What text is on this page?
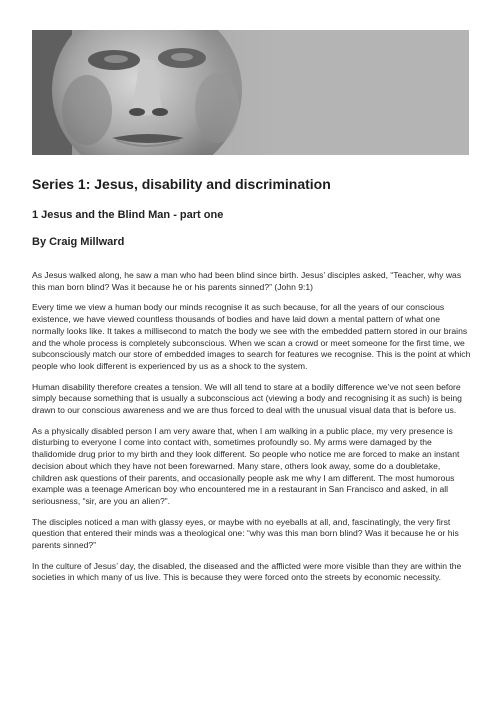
Series 1: Jesus, disability and discrimination
1 Jesus and the Blind Man - part one
By Craig Millward

As Jesus walked along, he saw a man who had been blind since birth. Jesus’ disciples asked, “Teacher, why was this man born blind? Was it because he or his parents sinned?” (John 9:1)

Every time we view a human body our minds recognise it as such because, for all the years of our conscious existence, we have viewed countless thousands of bodies and have laid down a mental pattern of what one normally looks like. It takes a millisecond to match the body we see with the embedded pattern stored in our brains and the whole process is completely subconscious. When we scan a crowd or meet someone for the first time, we subconsciously match our store of embedded images to search for features we recognise. This is the point at which people who look different is experienced by us as a shock to the system.

Human disability therefore creates a tension. We will all tend to stare at a bodily difference we’ve not seen before simply because something that is usually a subconscious act (viewing a body and recognising it as such) is being drawn to our conscious awareness and we are thus forced to deal with the unusual visual data that is before us.

As a physically disabled person I am very aware that, when I am walking in a public place, my very presence is disturbing to everyone I come into contact with, sometimes profoundly so. My arms were damaged by the thalidomide drug prior to my birth and they look different. So people who notice me are forced to make an instant decision about which they have not been forewarned. Many stare, others look away, some do a doubletake, children ask questions of their parents, and occasionally people ask me why I am different. The most humorous example was a teenage American boy who encountered me in a restaurant in San Francisco and asked, in all seriousness, “sir, are you an alien?”.

The disciples noticed a man with glassy eyes, or maybe with no eyeballs at all, and, fascinatingly, the very first question that entered their minds was a theological one: “why was this man born blind? Was it because he or his parents sinned?”

In the culture of Jesus’ day, the disabled, the diseased and the afflicted were more visible than they are within the societies in which many of us live. This is because they were forced onto the streets by economic necessity.
